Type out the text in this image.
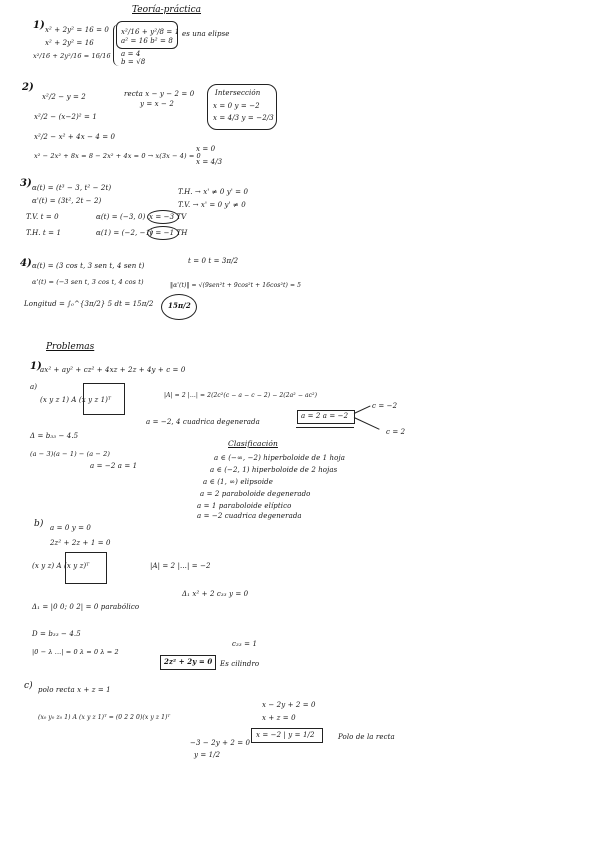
Teoría-práctica
1) x² + 2y² = 16 = 0
x² + 2y² = 16
x²/16 + 2y²/16 = 16/16
x²/16 + y²/8 = 1
a² = 16 b² = 8
a = 4
b = √8
es una elipse
2)
x²/2 − y = 2	recta x − y − 2 = 0
y = x − 2
x²/2 − (x−2)² = 1
x²/2 − x² + 4x − 4 = 0
x² − 2x² + 8x = 8 − 2x² + 4x = 0 → x(3x − 4) = 0
x = 0
x = 4/3
Intersección
x = 0 y = −2
x = 4/3 y = −2/3
3) α(t) = (t³ − 3, t² − 2t)
α'(t) = (3t², 2t − 2)
T.H. → x' ≠ 0 y' = 0
T.V. → x' = 0 y' ≠ 0
T.V. t = 0	α(t) = (−3, 0) x = −3 TV
T.H. t = 1	α(1) = (−2, −1)
y = −1 TH
4) α(t) = (3 cos t, 3 sen t, 4 sen t)
t = 0 t = 3π/2
α'(t) = (−3 sen t, 3 cos t, 4 cos t)	‖α'(t)‖ = √(9sen²t + 9cos²t + 16cos²t) = 5
Longitud = ∫₀^{3π/2} 5 dt = 15π/2 15π/2
Problemas
1)
ax² + ay² + cz² + 4xz + 2z + 4y + c = 0
a)
(x y z 1) A (x y z 1)ᵀ
|A| = 2 |...| = 2(2c²(c − a − c − 2) − 2(2a² − ac²)
a = −2, 4 cuadrica degenerada
a = 2 a = −2
c = −2
c = 2
Δ = b₃₃ − 4.5
(a − 3)(a − 1) − (a − 2)
a = −2 a = 1
Clasificación
a ∈ (−∞, −2) hiperboloide de 1 hoja
a ∈ (−2, 1) hiperboloide de 2 hojas
a ∈ (1, ∞) elipsoide
a = 2 paraboloide degenerado
a = 1 paraboloide elíptico
a = −2 cuadrica degenerada
b) a = 0 y = 0
2z² + 2z + 1 = 0
(x y z) A (x y z)ᵀ	|A| = 2 |...| = −2
Δ₁ = |0 0; 0 2| = 0 parabólico
Δ₁ x² + 2 c₃₃ y = 0
D = b₃₃ − 4.5
|0 − λ ...| = 0 λ = 0 λ = 2
c₃₃ = 1
2z² + 2y = 0 Es cilindro
c) polo recta x + z = 1
(x₀ y₀ z₀ 1) A (x y z 1)ᵀ = (0 2 2 0)(x y z 1)ᵀ
x − 2y + 2 = 0
x + z = 0
x = −2 | y = 1/2	Polo de la recta
−3 − 2y + 2 = 0
y = 1/2
